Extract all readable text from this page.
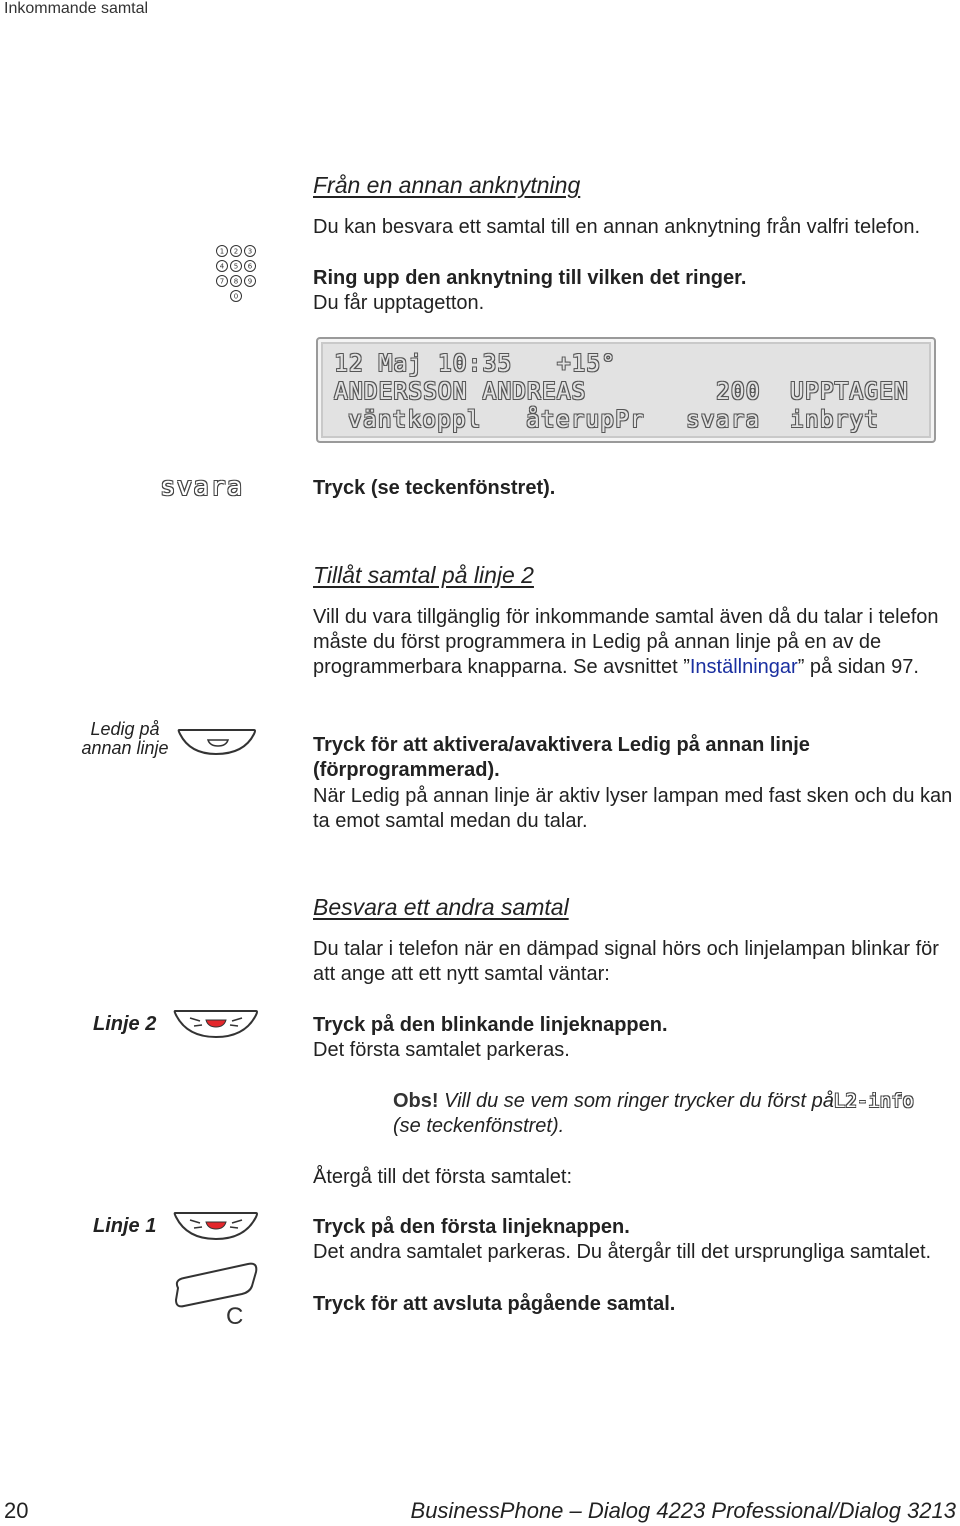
Inkommande samtal
Från en annan anknytning
Du kan besvara ett samtal till en annan anknytning från valfri telefon.
1 2 3
4 5 6
7 8 9
0
Ring upp den anknytning till vilken det ringer.
Du får upptagetton.
12 Maj 10:35   +15°
ANDERSSON ANDREAS	200 UPPTAGEN
väntkoppl återupPr svara inbryt
svara	Tryck (se teckenfönstret).
Tillåt samtal på linje 2
Vill du vara tillgänglig för inkommande samtal även då du talar i telefon måste du först programmera in Ledig på annan linje på en av de programmerbara knapparna. Se avsnittet ”Inställningar” på sidan 97.
Ledig på annan linje	Tryck för att aktivera/avaktivera Ledig på annan linje (förprogrammerad).
När Ledig på annan linje är aktiv lyser lampan med fast sken och du kan ta emot samtal medan du talar.
Besvara ett andra samtal
Du talar i telefon när en dämpad signal hörs och linjelampan blinkar för att ange att ett nytt samtal väntar:
Linje 2	Tryck på den blinkande linjeknappen.
Det första samtalet parkeras.
Obs! Vill du se vem som ringer trycker du först påL2-info
(se teckenfönstret).
Återgå till det första samtalet:
Linje 1	Tryck på den första linjeknappen.
Det andra samtalet parkeras. Du återgår till det ursprungliga samtalet.
C	Tryck för att avsluta pågående samtal.
20	BusinessPhone – Dialog 4223 Professional/Dialog 3213
